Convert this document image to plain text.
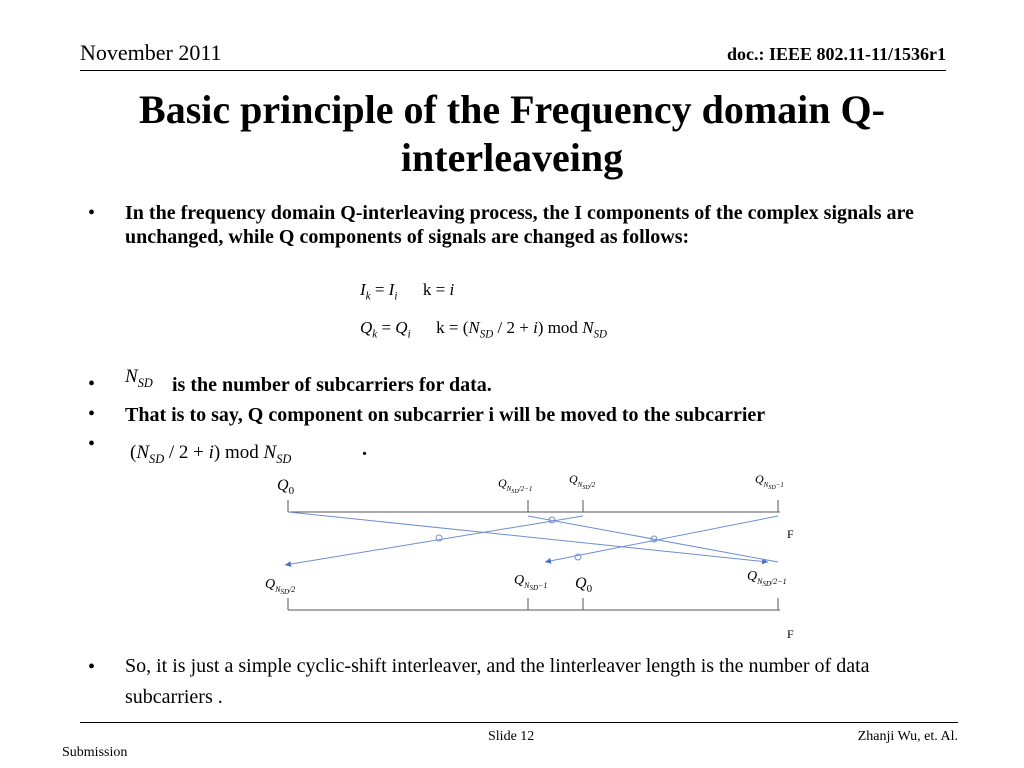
November 2011	doc.: IEEE 802.11-11/1536r1
Basic principle of the Frequency domain Q-interleaveing
• In the frequency domain Q-interleaving process, the I components of the complex signals are unchanged, while Q components of signals are changed as follows:
$I_k = I_i$      k = i
$Q_k = Q_i$      $k = (N_{SD} / 2 + i)$ mod $N_{SD}$
• $N_{SD}$ is the number of subcarriers for data.
• That is to say, Q component on subcarrier i will be moved to the subcarrier
• $(N_{SD} / 2 + i)$ mod $N_{SD}$	.
$Q_0$
$Q_NSD/2-1$
$Q_NSD/2$	$Q_NSD-1$
F
$Q_NSD/2$
$Q_NSD-1$ $Q_0$
$Q_NSD/2-1$
F
• So, it is just a simple cyclic-shift interleaver, and the linterleaver length is the number of data subcarriers .
Slide 12	Zhanji Wu, et. Al.
Submission
